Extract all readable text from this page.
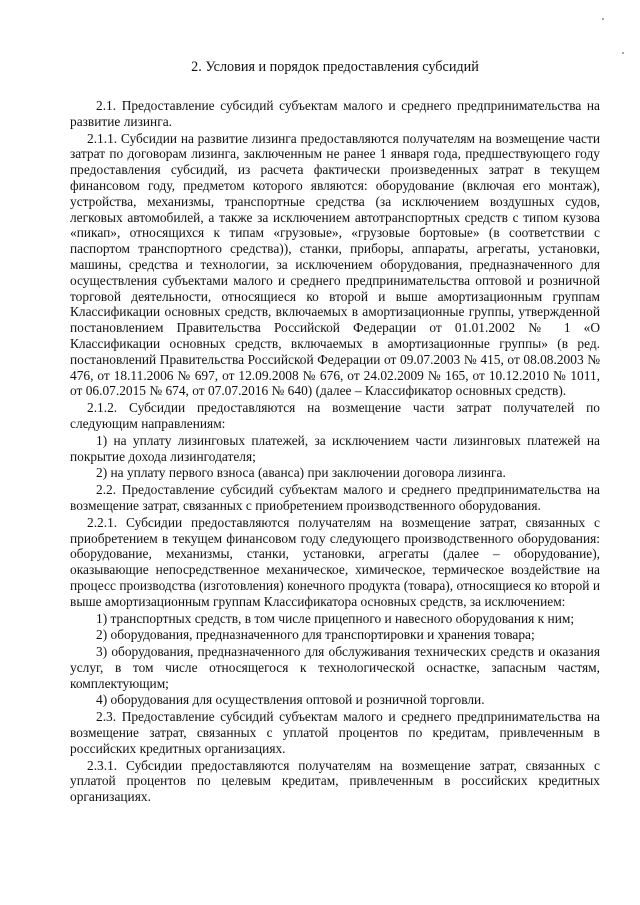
2. Условия и порядок предоставления субсидий

2.1. Предоставление субсидий субъектам малого и среднего предпринимательства на развитие лизинга.

2.1.1. Субсидии на развитие лизинга предоставляются получателям на возмещение части затрат по договорам лизинга, заключенным не ранее 1 января года, предшествующего году предоставления субсидий, из расчета фактически произведенных затрат в текущем финансовом году, предметом которого являются: оборудование (включая его монтаж), устройства, механизмы, транспортные средства (за исключением воздушных судов, легковых автомобилей, а также за исключением автотранспортных средств с типом кузова «пикап», относящихся к типам «грузовые», «грузовые бортовые» (в соответствии с паспортом транспортного средства)), станки, приборы, аппараты, агрегаты, установки, машины, средства и технологии, за исключением оборудования, предназначенного для осуществления субъектами малого и среднего предпринимательства оптовой и розничной торговой деятельности, относящиеся ко второй и выше амортизационным группам Классификации основных средств, включаемых в амортизационные группы, утвержденной постановлением Правительства Российской Федерации от 01.01.2002 № 1 «О Классификации основных средств, включаемых в амортизационные группы» (в ред. постановлений Правительства Российской Федерации от 09.07.2003 № 415, от 08.08.2003 № 476, от 18.11.2006 № 697, от 12.09.2008 № 676, от 24.02.2009 № 165, от 10.12.2010 № 1011, от 06.07.2015 № 674, от 07.07.2016 № 640) (далее – Классификатор основных средств).

2.1.2. Субсидии предоставляются на возмещение части затрат получателей по следующим направлениям:

1) на уплату лизинговых платежей, за исключением части лизинговых платежей на покрытие дохода лизингодателя;

2) на уплату первого взноса (аванса) при заключении договора лизинга.

2.2. Предоставление субсидий субъектам малого и среднего предпринимательства на возмещение затрат, связанных с приобретением производственного оборудования.

2.2.1. Субсидии предоставляются получателям на возмещение затрат, связанных с приобретением в текущем финансовом году следующего производственного оборудования: оборудование, механизмы, станки, установки, агрегаты (далее – оборудование), оказывающие непосредственное механическое, химическое, термическое воздействие на процесс производства (изготовления) конечного продукта (товара), относящиеся ко второй и выше амортизационным группам Классификатора основных средств, за исключением:

1) транспортных средств, в том числе прицепного и навесного оборудования к ним;

2) оборудования, предназначенного для транспортировки и хранения товара;

3) оборудования, предназначенного для обслуживания технических средств и оказания услуг, в том числе относящегося к технологической оснастке, запасным частям, комплектующим;

4) оборудования для осуществления оптовой и розничной торговли.

2.3. Предоставление субсидий субъектам малого и среднего предпринимательства на возмещение затрат, связанных с уплатой процентов по кредитам, привлеченным в российских кредитных организациях.

2.3.1. Субсидии предоставляются получателям на возмещение затрат, связанных с уплатой процентов по целевым кредитам, привлеченным в российских кредитных организациях.
